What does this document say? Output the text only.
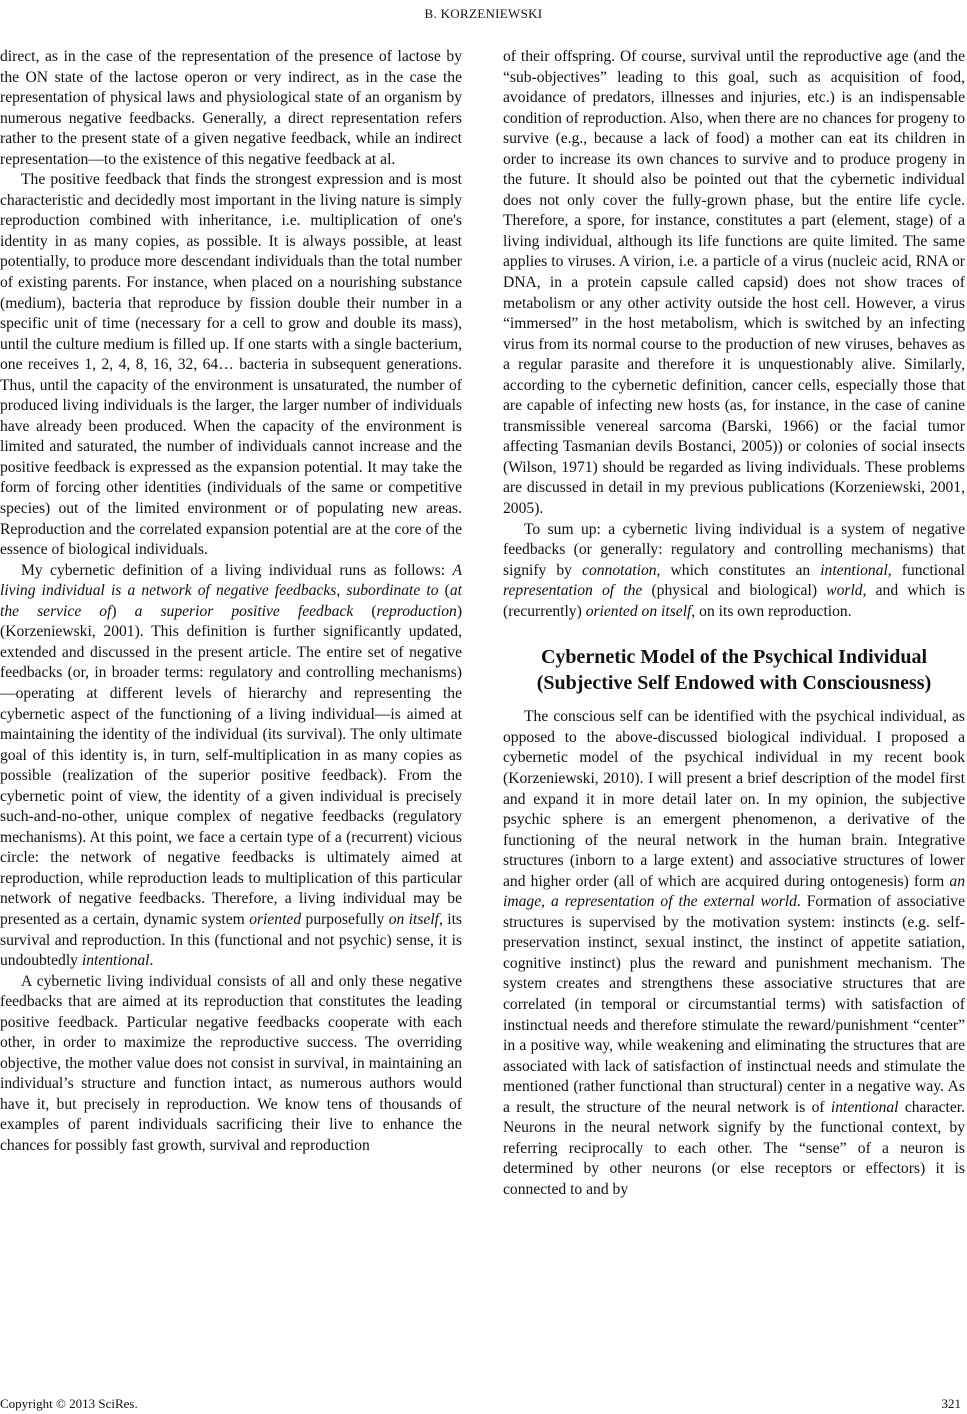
B. KORZENIEWSKI

direct, as in the case of the representation of the presence of lactose by the ON state of the lactose operon or very indirect, as in the case the representation of physical laws and physiological state of an organism by numerous negative feedbacks. Generally, a direct representation refers rather to the present state of a given negative feedback, while an indirect representation—to the existence of this negative feedback at al.

The positive feedback that finds the strongest expression and is most characteristic and decidedly most important in the living nature is simply reproduction combined with inheritance, i.e. multiplication of one's identity in as many copies, as possible. It is always possible, at least potentially, to produce more descendant individuals than the total number of existing parents. For instance, when placed on a nourishing substance (medium), bacteria that reproduce by fission double their number in a specific unit of time (necessary for a cell to grow and double its mass), until the culture medium is filled up. If one starts with a single bacterium, one receives 1, 2, 4, 8, 16, 32, 64… bacteria in subsequent generations. Thus, until the capacity of the environment is unsaturated, the number of produced living individuals is the larger, the larger number of individuals have already been produced. When the capacity of the environment is limited and saturated, the number of individuals cannot increase and the positive feedback is expressed as the expansion potential. It may take the form of forcing other identities (individuals of the same or competitive species) out of the limited environment or of populating new areas. Reproduction and the correlated expansion potential are at the core of the essence of biological individuals.

My cybernetic definition of a living individual runs as follows: A living individual is a network of negative feedbacks, subordinate to (at the service of) a superior positive feedback (reproduction) (Korzeniewski, 2001). This definition is further significantly updated, extended and discussed in the present article. The entire set of negative feedbacks (or, in broader terms: regulatory and controlling mechanisms)—operating at different levels of hierarchy and representing the cybernetic aspect of the functioning of a living individual—is aimed at maintaining the identity of the individual (its survival). The only ultimate goal of this identity is, in turn, self-multiplication in as many copies as possible (realization of the superior positive feedback). From the cybernetic point of view, the identity of a given individual is precisely such-and-no-other, unique complex of negative feedbacks (regulatory mechanisms). At this point, we face a certain type of a (recurrent) vicious circle: the network of negative feedbacks is ultimately aimed at reproduction, while reproduction leads to multiplication of this particular network of negative feedbacks. Therefore, a living individual may be presented as a certain, dynamic system oriented purposefully on itself, its survival and reproduction. In this (functional and not psychic) sense, it is undoubtedly intentional.

A cybernetic living individual consists of all and only these negative feedbacks that are aimed at its reproduction that constitutes the leading positive feedback. Particular negative feedbacks cooperate with each other, in order to maximize the reproductive success. The overriding objective, the mother value does not consist in survival, in maintaining an individual’s structure and function intact, as numerous authors would have it, but precisely in reproduction. We know tens of thousands of examples of parent individuals sacrificing their live to enhance the chances for possibly fast growth, survival and reproduction

of their offspring. Of course, survival until the reproductive age (and the “sub-objectives” leading to this goal, such as acquisition of food, avoidance of predators, illnesses and injuries, etc.) is an indispensable condition of reproduction. Also, when there are no chances for progeny to survive (e.g., because a lack of food) a mother can eat its children in order to increase its own chances to survive and to produce progeny in the future. It should also be pointed out that the cybernetic individual does not only cover the fully-grown phase, but the entire life cycle. Therefore, a spore, for instance, constitutes a part (element, stage) of a living individual, although its life functions are quite limited. The same applies to viruses. A virion, i.e. a particle of a virus (nucleic acid, RNA or DNA, in a protein capsule called capsid) does not show traces of metabolism or any other activity outside the host cell. However, a virus “immersed” in the host metabolism, which is switched by an infecting virus from its normal course to the production of new viruses, behaves as a regular parasite and therefore it is unquestionably alive. Similarly, according to the cybernetic definition, cancer cells, especially those that are capable of infecting new hosts (as, for instance, in the case of canine transmissible venereal sarcoma (Barski, 1966) or the facial tumor affecting Tasmanian devils Bostanci, 2005)) or colonies of social insects (Wilson, 1971) should be regarded as living individuals. These problems are discussed in detail in my previous publications (Korzeniewski, 2001, 2005).

To sum up: a cybernetic living individual is a system of negative feedbacks (or generally: regulatory and controlling mechanisms) that signify by connotation, which constitutes an intentional, functional representation of the (physical and biological) world, and which is (recurrently) oriented on itself, on its own reproduction.

Cybernetic Model of the Psychical Individual
(Subjective Self Endowed with Consciousness)

The conscious self can be identified with the psychical individual, as opposed to the above-discussed biological individual. I proposed a cybernetic model of the psychical individual in my recent book (Korzeniewski, 2010). I will present a brief description of the model first and expand it in more detail later on. In my opinion, the subjective psychic sphere is an emergent phenomenon, a derivative of the functioning of the neural network in the human brain. Integrative structures (inborn to a large extent) and associative structures of lower and higher order (all of which are acquired during ontogenesis) form an image, a representation of the external world. Formation of associative structures is supervised by the motivation system: instincts (e.g. self-preservation instinct, sexual instinct, the instinct of appetite satiation, cognitive instinct) plus the reward and punishment mechanism. The system creates and strengthens these associative structures that are correlated (in temporal or circumstantial terms) with satisfaction of instinctual needs and therefore stimulate the reward/punishment “center” in a positive way, while weakening and eliminating the structures that are associated with lack of satisfaction of instinctual needs and stimulate the mentioned (rather functional than structural) center in a negative way. As a result, the structure of the neural network is of intentional character. Neurons in the neural network signify by the functional context, by referring reciprocally to each other. The “sense” of a neuron is determined by other neurons (or else receptors or effectors) it is connected to and by

Copyright © 2013 SciRes.	321
